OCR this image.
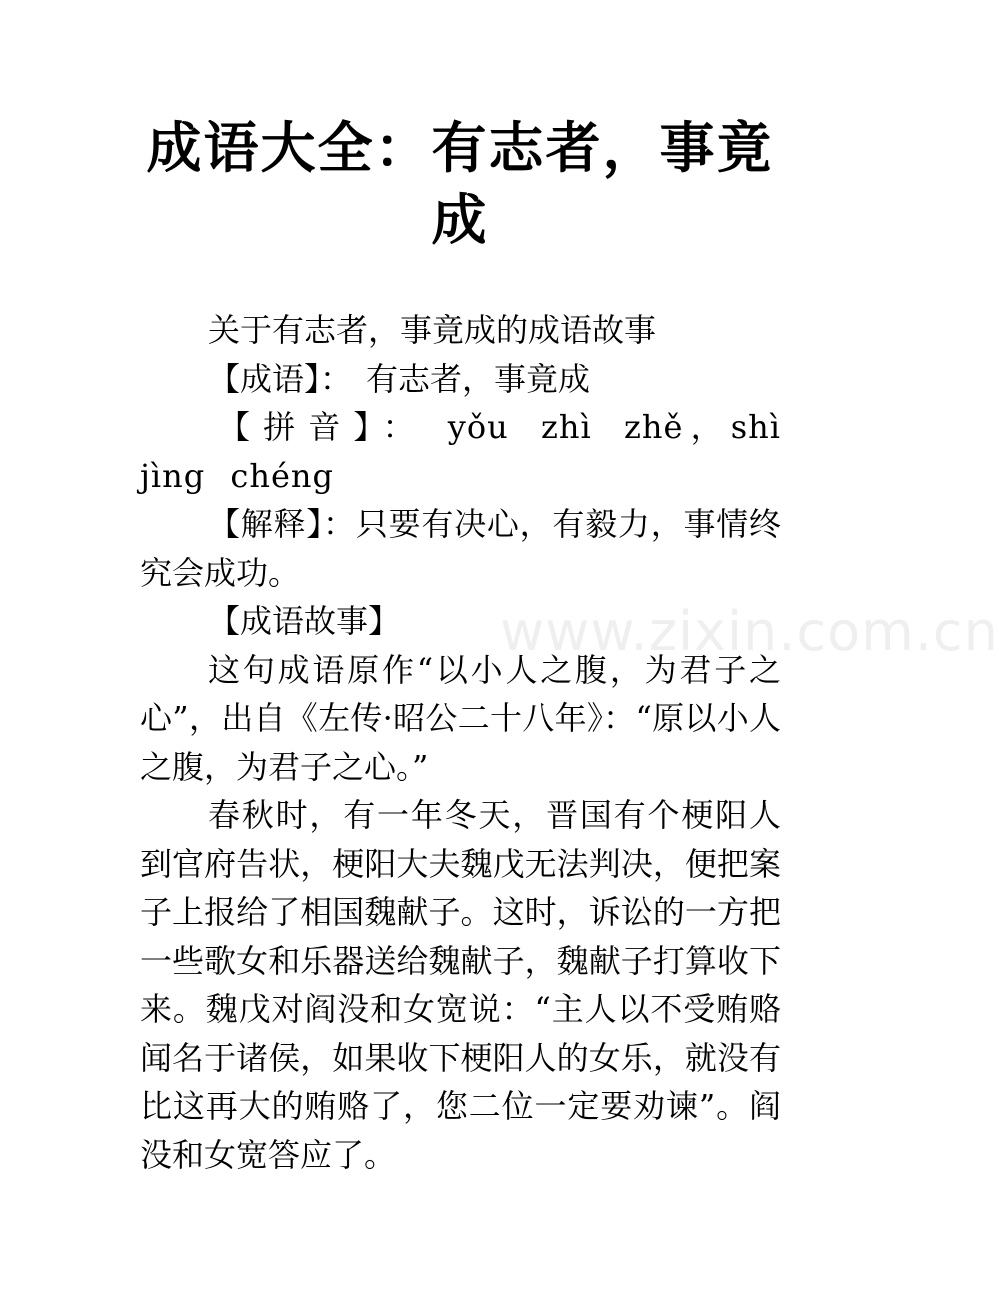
成语大全：有志者，事竟成

关于有志者，事竟成的成语故事

【成语】： 有志者，事竟成

【拼音】： yǒu zhì zhě，shì jìng chéng

【解释】：只要有决心，有毅力，事情终究会成功。

【成语故事】

这句成语原作“以小人之腹，为君子之心”，出自《左传·昭公二十八年》：“原以小人之腹，为君子之心。”

春秋时，有一年冬天，晋国有个梗阳人到官府告状，梗阳大夫魏戊无法判决，便把案子上报给了相国魏献子。这时，诉讼的一方把一些歌女和乐器送给魏献子，魏献子打算收下来。魏戊对阎没和女宽说：“主人以不受贿赂闻名于诸侯，如果收下梗阳人的女乐，就没有比这再大的贿赂了，您二位一定要劝谏”。阎没和女宽答应了。

www.zixin.com.cn
